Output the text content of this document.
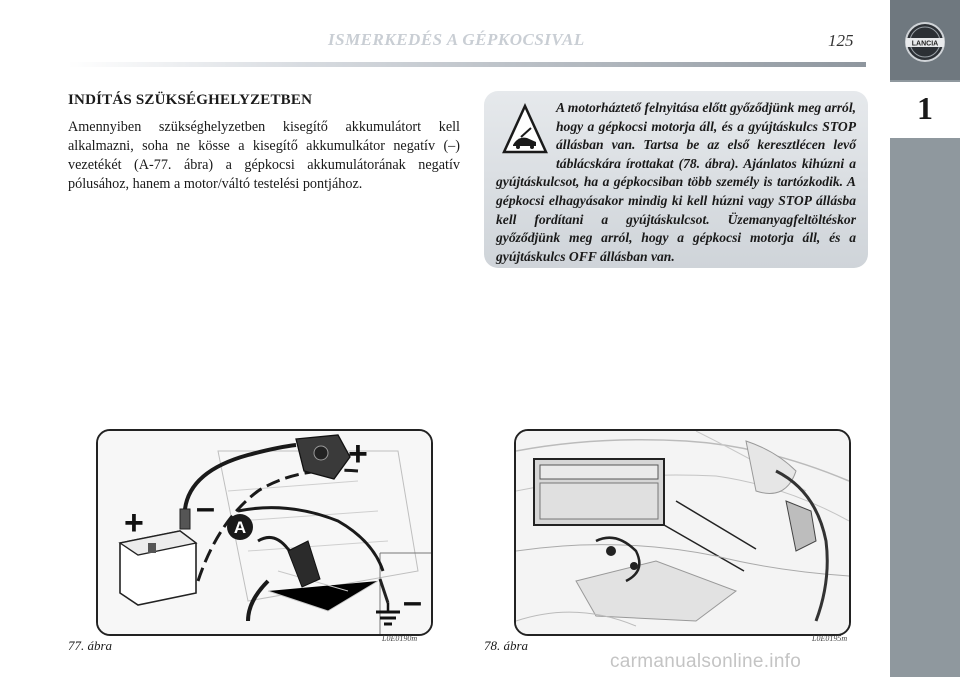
ISMERKEDÉS A GÉPKOCSIVAL	125	LANCIA
1
INDÍTÁS SZÜKSÉGHELYZETBEN
Amennyiben szükséghelyzetben kisegítő akkumulátort kell alkalmazni, soha ne kösse a kisegítő akkumulkátor negatív (–) vezetékét (A-77. ábra) a gépkocsi akkumulátorának negatív pólusához, hanem a motor/váltó testelési pontjához.
A motorháztető felnyitása előtt győződjünk meg arról, hogy a gépkocsi motorja áll, és a gyújtáskulcs STOP állásban van. Tartsa be az első keresztlécen levő táblácskára írottakat (78. ábra). Ajánlatos kihúzni a gyújtáskulcsot, ha a gépkocsiban több személy is tartózkodik. A gépkocsi elhagyásakor mindig ki kell húzni vagy STOP állásba kell fordítani a gyújtáskulcsot. Üzemanyagfeltöltéskor győződjünk meg arról, hogy a gépkocsi motorja áll, és a gyújtáskulcs OFF állásban van.
+ –
+
–
A
77. ábra	L0E0190m	78. ábra	L0E0195m
carmanualsonline.info
